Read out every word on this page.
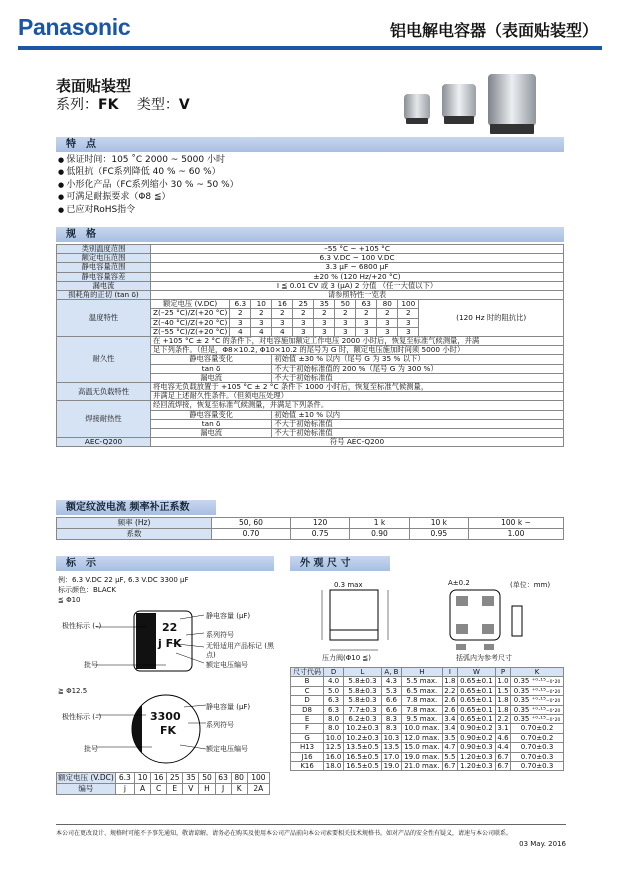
Panasonic	铝电解电容器（表面贴装型）
表面贴装型
系列：FK 类型：V
特　点
● 保证时间：105 ˚C 2000 ~ 5000 小时
● 低阻抗（FC系列降低 40 % ~ 60 %）
● 小形化产品（FC系列缩小 30 % ~ 50 %）
● 可满足耐振要求（Φ8 ≦）
● 已应对RoHS指令
规　格
类别温度范围	–55 °C ~ +105 °C										
额定电压范围	6.3 V.DC ~ 100 V.DC										
静电容量范围	3.3 μF ~ 6800 μF										
静电容量容差	±20 % (120 Hz/+20 °C)										
漏电流	I ≦ 0.01 CV 或 3 (μA) 2 分值 （任一大值以下）										
损耗角的正切 (tan δ)	请参照特性一览表										
温度特性	额定电压 (V.DC)	6.3	10	16	25	35	50	63	80	100	(120 Hz 时的阻抗比)
	Z(–25 °C)/Z(+20 °C)	2	2	2	2	2	2	2	2	2	
	Z(–40 °C)/Z(+20 °C)	3	3	3	3	3	3	3	3	3	
	Z(–55 °C)/Z(+20 °C)	4	4	4	3	3	3	3	3	3	
耐久性	在 +105 °C ± 2 °C 的条件下，对电容施加额定工作电压 2000 小时后，恢复至标准气候测量，并满										
	足下列条件。（但是，Φ8×10.2, Φ10×10.2 的尾号为 G 时，额定电压施加时间须 5000 小时）										
	静电容量变化			初始值 ±30 % 以内（尾号 G 为 35 % 以下）							
	tan δ			不大于初始标准值的 200 %（尾号 G 为 300 %）							
	漏电流			不大于初始标准值							
高温无负载特性	将电容无负载放置于 +105 °C ± 2 °C 条件下 1000 小时后，恢复至标准气候测量，										
	并满足上述耐久性条件。（但须电压处理）										
焊接耐热性	经回流焊接，恢复至标准气候测量，并满足下列条件。										
	静电容量变化			初始值 ±10 % 以内							
	tan δ			不大于初始标准值							
	漏电流			不大于初始标准值							
AEC-Q200	符号 AEC-Q200										
额定纹波电流 频率补正系数
频率 (Hz)	50, 60	120	1 k	10 k	100 k ~
系数	0.70	0.75	0.90	0.95	1.00
标　示
例：6.3 V.DC 22 μF, 6.3 V.DC 3300 μF
标示颜色：BLACK
≦ Φ10
22
j FK
极性标示 (–)
批号
静电容量 (μF)
系列符号
无铅适用产品标记 (黑点)
额定电压编号
≧ Φ12.5
3300
FK
极性标示 (–)
批号
静电容量 (μF)
系列符号
额定电压编号
额定电压 (V.DC)	6.3	10	16	25	35	50	63	80	100
编号	j	A	C	E	V	H	J	K	2A
外 观 尺 寸
(单位：mm)
0.3 max	A±0.2
压力阀(Φ10 ≦)	括弧内为参考尺寸
尺寸代码	D	L	A, B	H	I	W	P	K
B	4.0	5.8±0.3	4.3	5.5 max.	1.8	0.65±0.1	1.0	0.35 ⁺⁰·¹⁵₋₀·₂₀
C	5.0	5.8±0.3	5.3	6.5 max.	2.2	0.65±0.1	1.5	0.35 ⁺⁰·¹⁵₋₀·₂₀
D	6.3	5.8±0.3	6.6	7.8 max.	2.6	0.65±0.1	1.8	0.35 ⁺⁰·¹⁵₋₀·₂₀
D8	6.3	7.7±0.3	6.6	7.8 max.	2.6	0.65±0.1	1.8	0.35 ⁺⁰·¹⁵₋₀·₂₀
E	8.0	6.2±0.3	8.3	9.5 max.	3.4	0.65±0.1	2.2	0.35 ⁺⁰·¹⁵₋₀·₂₀
F	8.0	10.2±0.3	8.3	10.0 max.	3.4	0.90±0.2	3.1	0.70±0.2
G	10.0	10.2±0.3	10.3	12.0 max.	3.5	0.90±0.2	4.6	0.70±0.2
H13	12.5	13.5±0.5	13.5	15.0 max.	4.7	0.90±0.3	4.4	0.70±0.3
J16	16.0	16.5±0.5	17.0	19.0 max.	5.5	1.20±0.3	6.7	0.70±0.3
K16	18.0	16.5±0.5	19.0	21.0 max.	6.7	1.20±0.3	6.7	0.70±0.3
本公司在更改设计、规格时可能不予事先通知，敬请谅解。请务必在购买及使用本公司产品前向本公司索要相关技术规格书。如对产品的安全性有疑义，请速与本公司联系。
03 May. 2016
